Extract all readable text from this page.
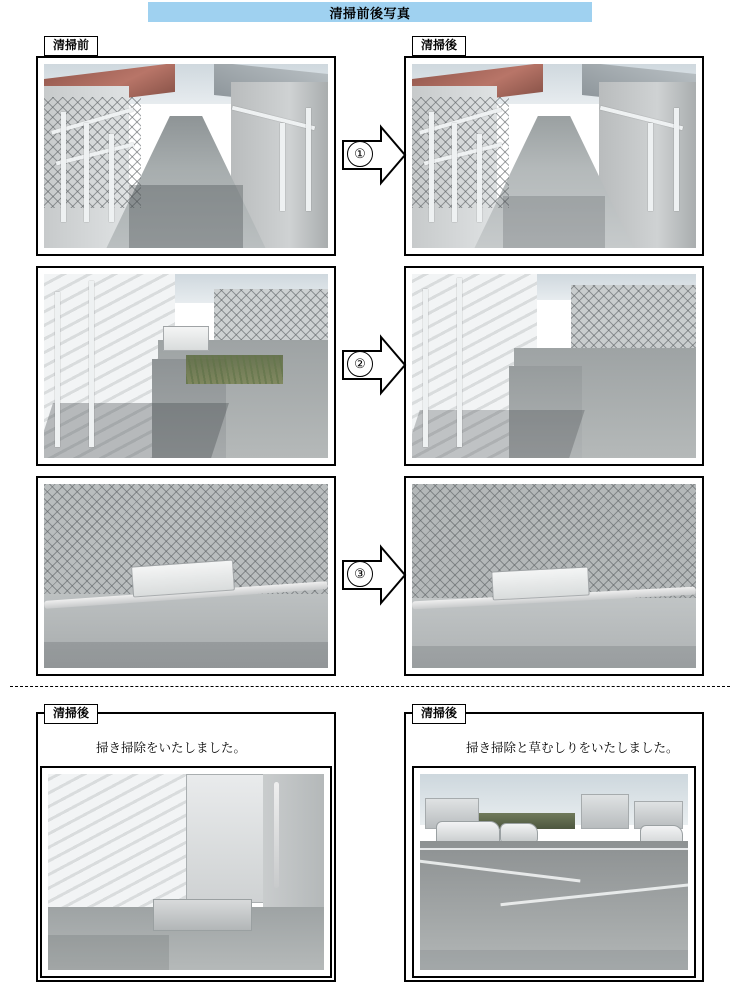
清掃前後写真
清掃前
①
清掃後
②
③
清掃後
掃き掃除をいたしました。
清掃後
掃き掃除と草むしりをいたしました。
